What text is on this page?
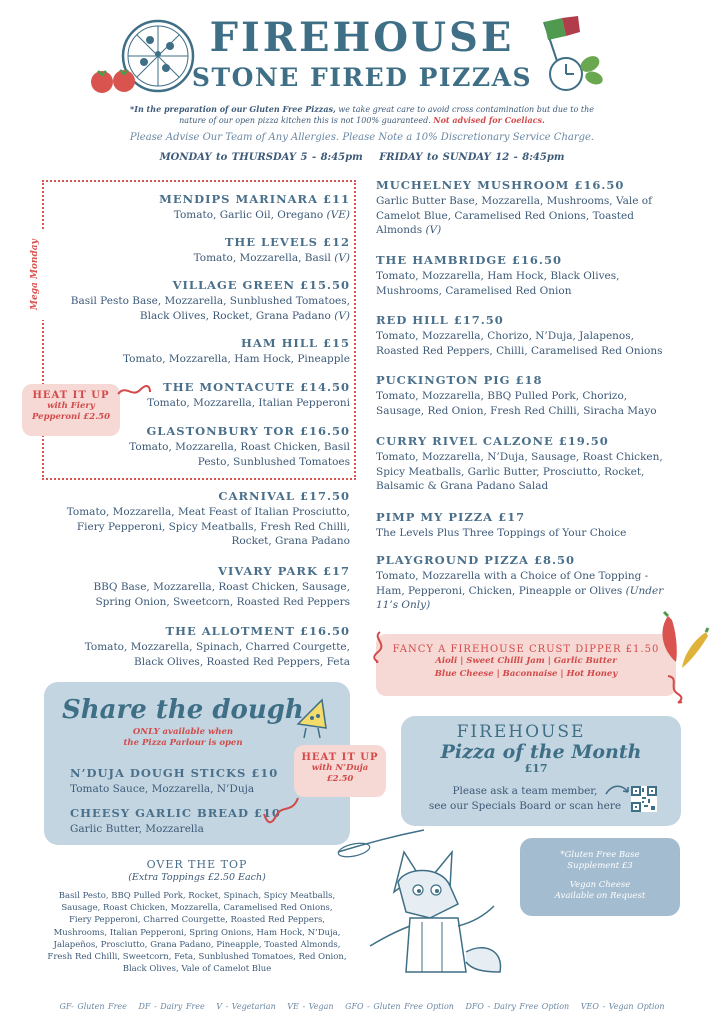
FIREHOUSE
STONE FIRED PIZZAS
*In the preparation of our Gluten Free Pizzas, we take great care to avoid cross contamination but due to the nature of our open pizza kitchen this is not 100% guaranteed. Not advised for Coeliacs.
Please Advise Our Team of Any Allergies. Please Note a 10% Discretionary Service Charge.
MONDAY to THURSDAY 5 - 8:45pm FRIDAY to SUNDAY 12 - 8:45pm
Mega Monday
MENDIPS MARINARA £11

Tomato, Garlic Oil, Oregano (VE)

THE LEVELS £12

Tomato, Mozzarella, Basil (V)

VILLAGE GREEN £15.50

Basil Pesto Base, Mozzarella, Sunblushed Tomatoes, Black Olives, Rocket, Grana Padano (V)

HAM HILL £15

Tomato, Mozzarella, Ham Hock, Pineapple

THE MONTACUTE £14.50

Tomato, Mozzarella, Italian Pepperoni

GLASTONBURY TOR £16.50

Tomato, Mozzarella, Roast Chicken, Basil Pesto, Sunblushed Tomatoes

CARNIVAL £17.50

Tomato, Mozzarella, Meat Feast of Italian Prosciutto, Fiery Pepperoni, Spicy Meatballs, Fresh Red Chilli, Rocket, Grana Padano

VIVARY PARK £17

BBQ Base, Mozzarella, Roast Chicken, Sausage, Spring Onion, Sweetcorn, Roasted Red Peppers

THE ALLOTMENT £16.50

Tomato, Mozzarella, Spinach, Charred Courgette, Black Olives, Roasted Red Peppers, Feta

HEAT IT UP
with Fiery
Pepperoni £2.50
MUCHELNEY MUSHROOM £16.50

Garlic Butter Base, Mozzarella, Mushrooms, Vale of Camelot Blue, Caramelised Red Onions, Toasted Almonds (V)

THE HAMBRIDGE £16.50

Tomato, Mozzarella, Ham Hock, Black Olives, Mushrooms, Caramelised Red Onion

RED HILL £17.50

Tomato, Mozzarella, Chorizo, N’Duja, Jalapenos, Roasted Red Peppers, Chilli, Caramelised Red Onions

PUCKINGTON PIG £18

Tomato, Mozzarella, BBQ Pulled Pork, Chorizo, Sausage, Red Onion, Fresh Red Chilli, Siracha Mayo

CURRY RIVEL CALZONE £19.50

Tomato, Mozzarella, N’Duja, Sausage, Roast Chicken, Spicy Meatballs, Garlic Butter, Prosciutto, Rocket, Balsamic & Grana Padano Salad

PIMP MY PIZZA £17

The Levels Plus Three Toppings of Your Choice

PLAYGROUND PIZZA £8.50

Tomato, Mozzarella with a Choice of One Topping - Ham, Pepperoni, Chicken, Pineapple or Olives (Under 11’s Only)

FANCY A FIREHOUSE CRUST DIPPER £1.50
Aioli | Sweet Chilli Jam | Garlic Butter
Blue Cheese | Baconnaise | Hot Honey
Share the dough
ONLY available when
the Pizza Parlour is open
N’DUJA DOUGH STICKS £10

Tomato Sauce, Mozzarella, N’Duja

CHEESY GARLIC BREAD £10

Garlic Butter, Mozzarella

HEAT IT UP
with N’Duja
£2.50
FIREHOUSE
Pizza of the Month
£17
Please ask a team member,
see our Specials Board or scan here
OVER THE TOP
(Extra Toppings £2.50 Each)
Basil Pesto, BBQ Pulled Pork, Rocket, Spinach, Spicy Meatballs,
Sausage, Roast Chicken, Mozzarella, Caramelised Red Onions,
Fiery Pepperoni, Charred Courgette, Roasted Red Peppers,
Mushrooms, Italian Pepperoni, Spring Onions, Ham Hock, N’Duja,
Jalapeños, Prosciutto, Grana Padano, Pineapple, Toasted Almonds,
Fresh Red Chilli, Sweetcorn, Feta, Sunblushed Tomatoes, Red Onion,
Black Olives, Vale of Camelot Blue

*Gluten Free Base
Supplement £3

Vegan Cheese
Available on Request

GF- Gluten Free DF - Dairy Free V - Vegetarian VE - Vegan GFO - Gluten Free Option DFO - Dairy Free Option VEO - Vegan Option
